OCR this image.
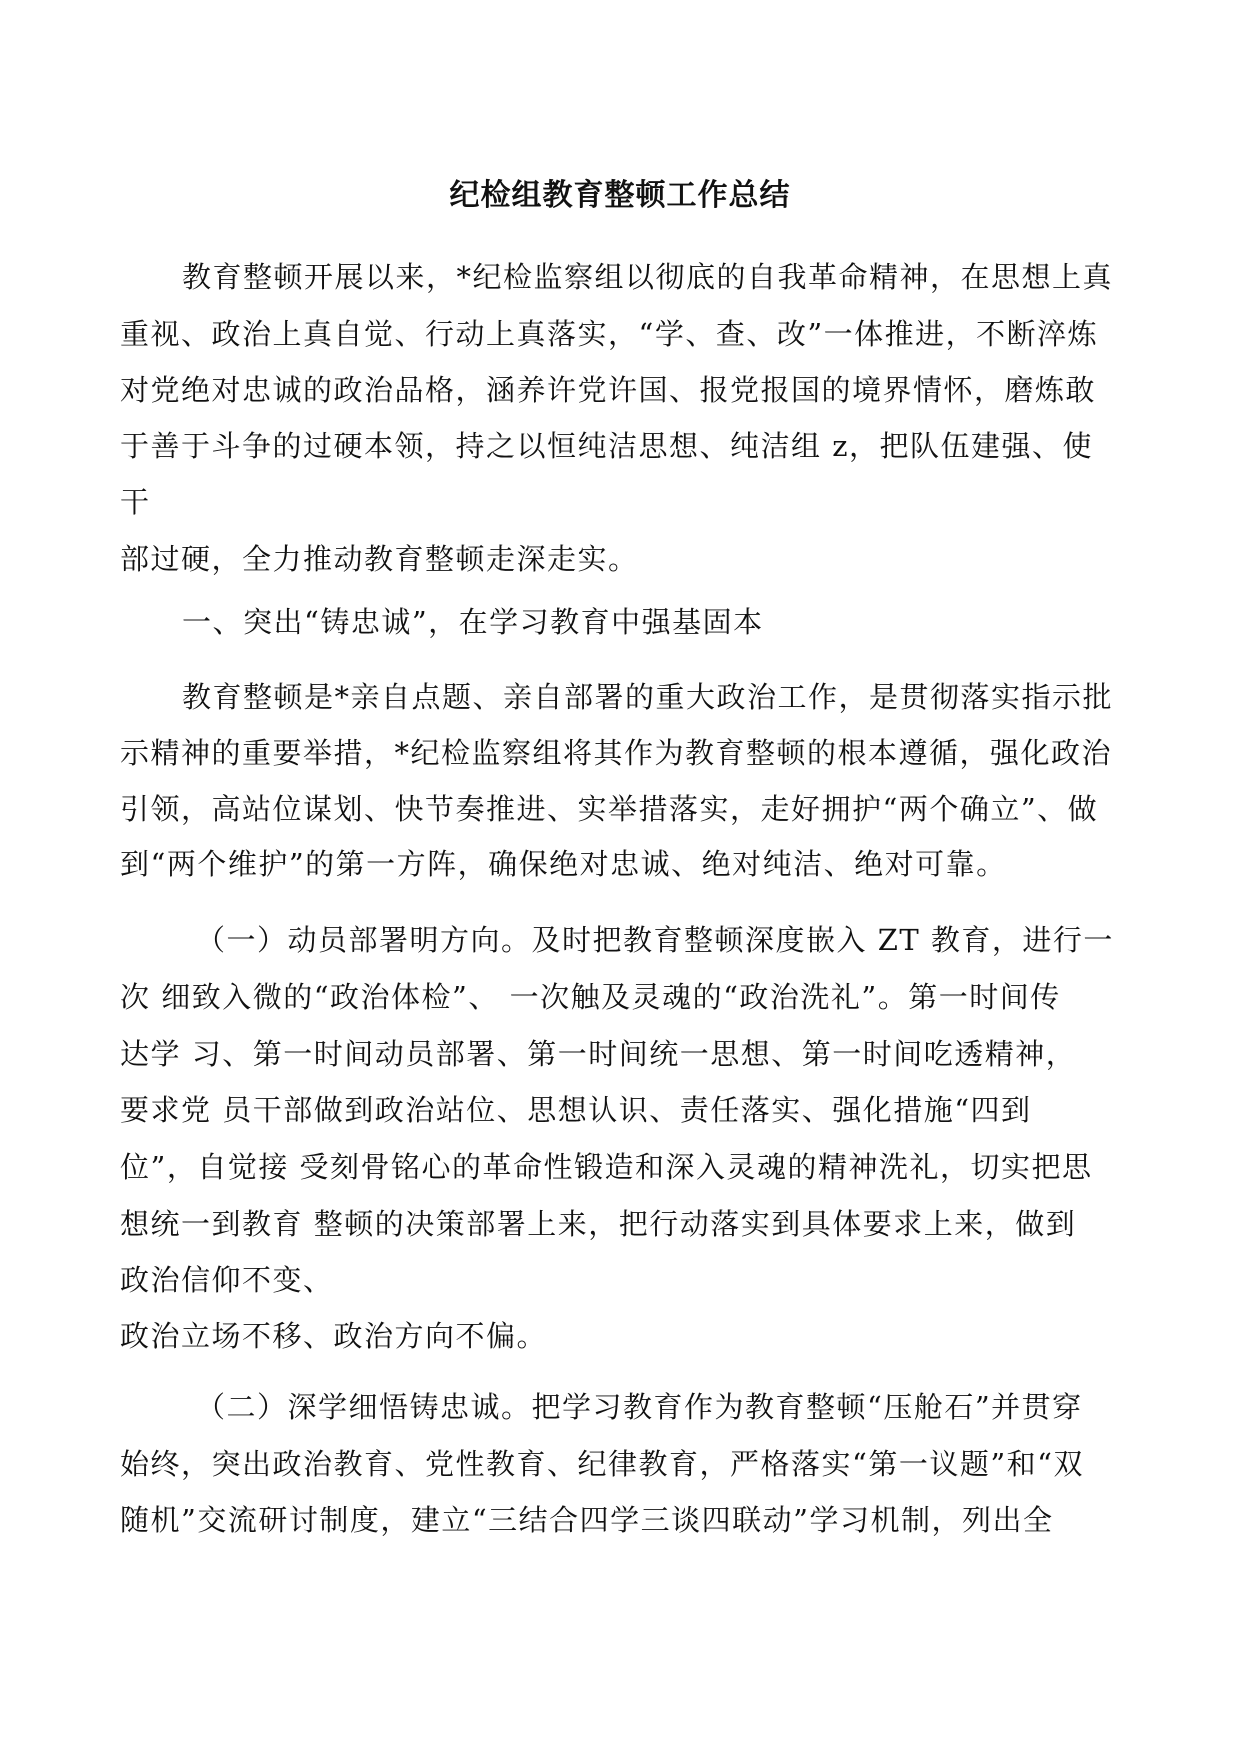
纪检组教育整顿工作总结
教育整顿开展以来，*纪检监察组以彻底的自我革命精神，在思想上真
重视、政治上真自觉、行动上真落实，“学、查、改”一体推进，不断淬炼
对党绝对忠诚的政治品格，涵养许党许国、报党报国的境界情怀，磨炼敢
于善于斗争的过硬本领，持之以恒纯洁思想、纯洁组 z，把队伍建强、使
干
部过硬，全力推动教育整顿走深走实。
一、突出“铸忠诚”，在学习教育中强基固本
教育整顿是*亲自点题、亲自部署的重大政治工作，是贯彻落实指示批
示精神的重要举措，*纪检监察组将其作为教育整顿的根本遵循，强化政治
引领，高站位谋划、快节奏推进、实举措落实，走好拥护“两个确立”、做
到“两个维护”的第一方阵，确保绝对忠诚、绝对纯洁、绝对可靠。
（一）动员部署明方向。及时把教育整顿深度嵌入 ZT 教育，进行一
次 细致入微的“政治体检”、 一次触及灵魂的“政治洗礼”。第一时间传
达学 习、第一时间动员部署、第一时间统一思想、第一时间吃透精神，
要求党 员干部做到政治站位、思想认识、责任落实、强化措施“四到
位”，自觉接 受刻骨铭心的革命性锻造和深入灵魂的精神洗礼，切实把思
想统一到教育 整顿的决策部署上来，把行动落实到具体要求上来，做到
政治信仰不变、
政治立场不移、政治方向不偏。
（二）深学细悟铸忠诚。把学习教育作为教育整顿“压舱石”并贯穿
始终，突出政治教育、党性教育、纪律教育，严格落实“第一议题”和“双
随机”交流研讨制度，建立“三结合四学三谈四联动”学习机制，列出全
